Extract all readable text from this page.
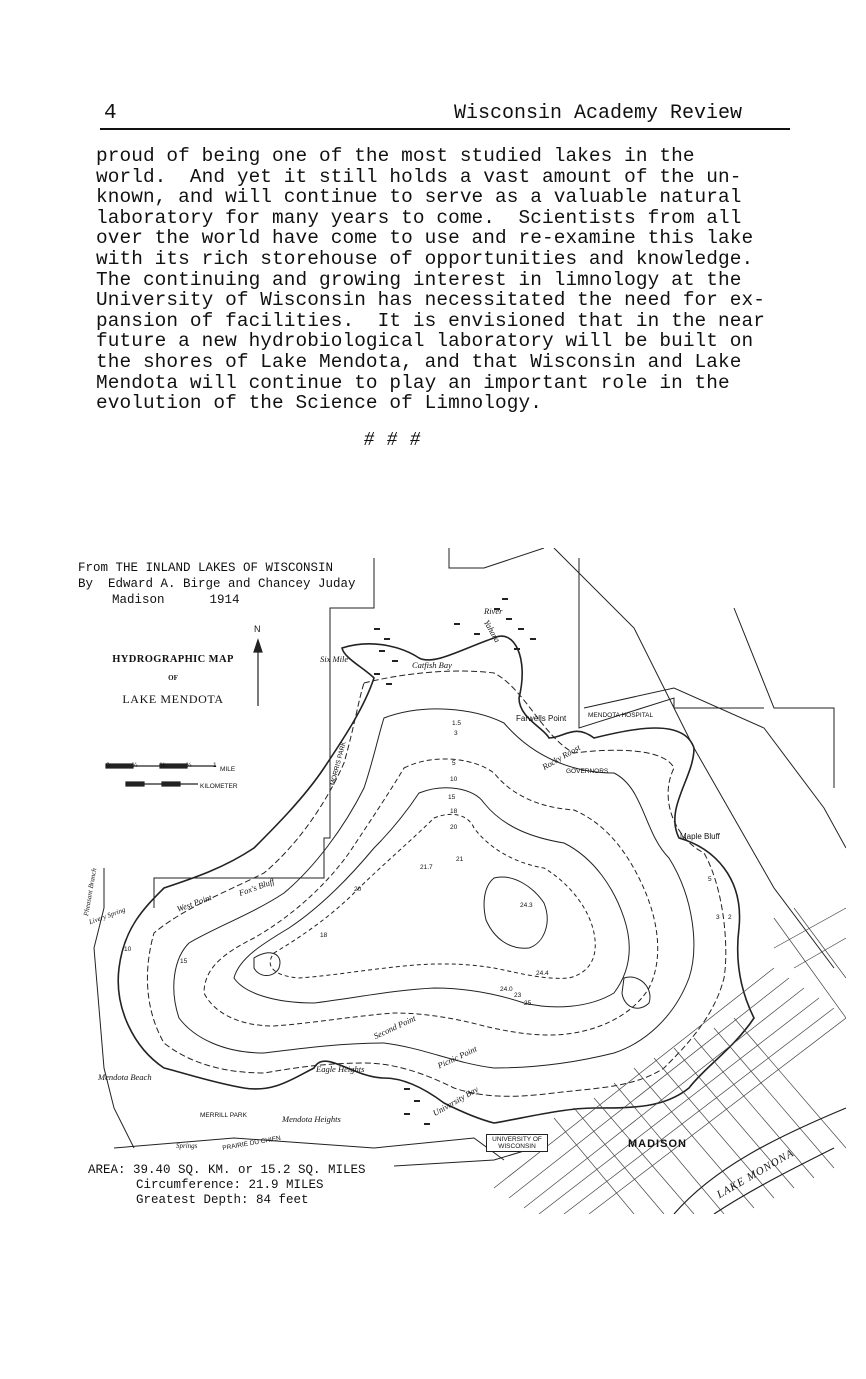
4	Wisconsin Academy Review
proud of being one of the most studied lakes in the
world.  And yet it still holds a vast amount of the un-
known, and will continue to serve as a valuable natural
laboratory for many years to come.  Scientists from all
over the world have come to use and re-examine this lake
with its rich storehouse of opportunities and knowledge.
The continuing and growing interest in limnology at the
University of Wisconsin has necessitated the need for ex-
pansion of facilities.  It is envisioned that in the near
future a new hydrobiological laboratory will be built on
the shores of Lake Mendota, and that Wisconsin and Lake
Mendota will continue to play an important role in the
evolution of the Science of Limnology.
# # #
From THE INLAND LAKES OF WISCONSIN
By  Edward A. Birge and Chancey Juday
Madison      1914
HYDROGRAPHIC MAP
OF
LAKE MENDOTA
N
0	¼	½	¾	1
MILE
KILOMETER
Six Mile
Catfish Bay
River
Yahara
Farwells Point	MENDOTA HOSPITAL
Rocky Roost
GOVERNORS
Maple Bluff
MORRIS PARK
Fox's Bluff
West Point
Pheasant Branch
Livery Spring
Second Point
Picnic Point
University Bay
Eagle Heights
Mendota Beach
Mendota Heights
MERRILL PARK
Springs	PRAIRIE DU CHIEN	UNIVERSITY OF WISCONSIN	MADISON
LAKE MONONA
1.5
3
5
10
15
18
20
21
21.7
24.3
24.0
23
24.4
25
20
18
15
10
5
3 2
AREA: 39.40 SQ. KM. or 15.2 SQ. MILES
Circumference: 21.9 MILES
Greatest Depth: 84 feet
